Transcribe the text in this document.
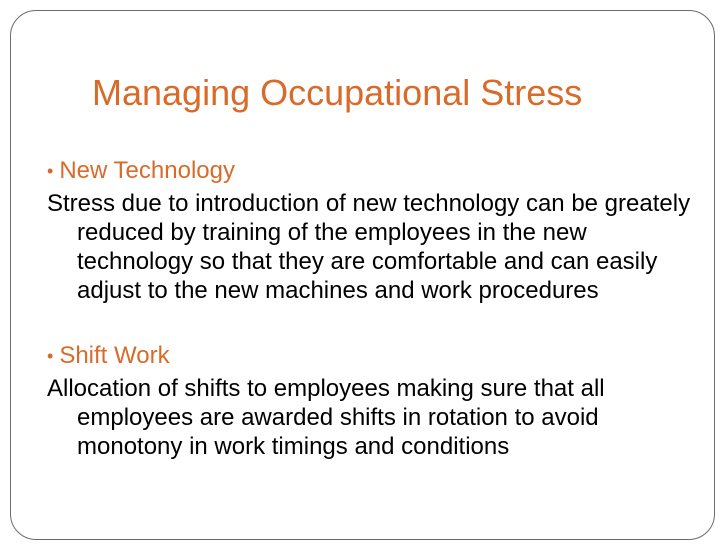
Managing Occupational Stress
• New Technology

Stress due to introduction of new technology can be greately reduced by training of the employees in the new technology so that they are comfortable and can easily adjust to the new machines and work procedures

• Shift Work

Allocation of shifts to employees making sure that all employees are awarded shifts in rotation to avoid monotony in work timings and conditions
